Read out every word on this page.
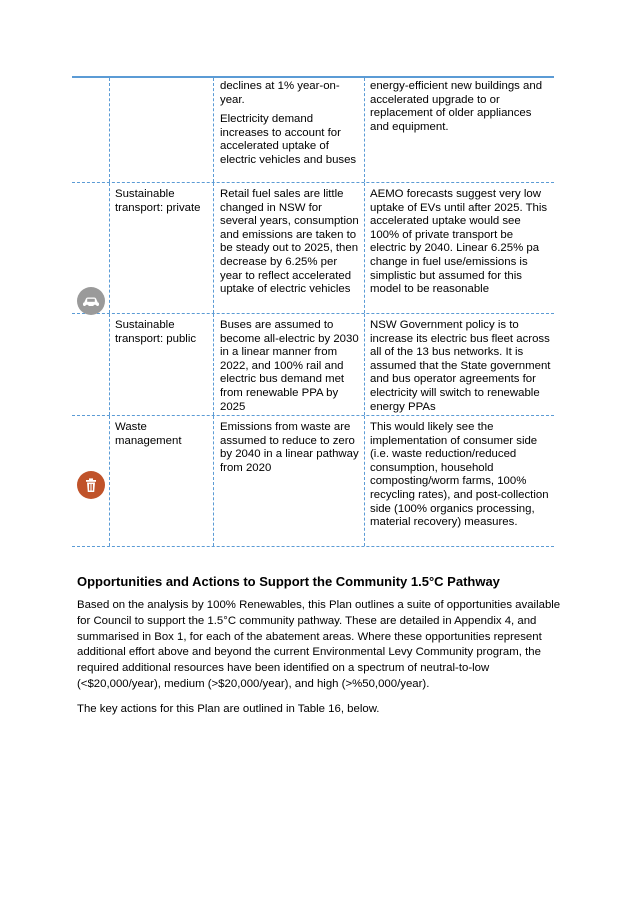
declines at 1% year-on-year.

Electricity demand increases to account for accelerated uptake of electric vehicles and buses

energy-efficient new buildings and accelerated upgrade to or replacement of older appliances and equipment.
Sustainable transport: private

Retail fuel sales are little changed in NSW for several years, consumption and emissions are taken to be steady out to 2025, then decrease by 6.25% per year to reflect accelerated uptake of electric vehicles

AEMO forecasts suggest very low uptake of EVs until after 2025. This accelerated uptake would see 100% of private transport be electric by 2040. Linear 6.25% pa change in fuel use/emissions is simplistic but assumed for this model to be reasonable
Sustainable transport: public

Buses are assumed to become all-electric by 2030 in a linear manner from 2022, and 100% rail and electric bus demand met from renewable PPA by 2025

NSW Government policy is to increase its electric bus fleet across all of the 13 bus networks. It is assumed that the State government and bus operator agreements for electricity will switch to renewable energy PPAs
Waste management

Emissions from waste are assumed to reduce to zero by 2040 in a linear pathway from 2020

This would likely see the implementation of consumer side (i.e. waste reduction/reduced consumption, household composting/worm farms, 100% recycling rates), and post-collection side (100% organics processing, material recovery) measures.
Opportunities and Actions to Support the Community 1.5°C Pathway

Based on the analysis by 100% Renewables, this Plan outlines a suite of opportunities available for Council to support the 1.5°C community pathway. These are detailed in Appendix 4, and summarised in Box 1, for each of the abatement areas. Where these opportunities represent additional effort above and beyond the current Environmental Levy Community program, the required additional resources have been identified on a spectrum of neutral-to-low (<$20,000/year), medium (>$20,000/year), and high (>%50,000/year).

The key actions for this Plan are outlined in Table 16, below.
